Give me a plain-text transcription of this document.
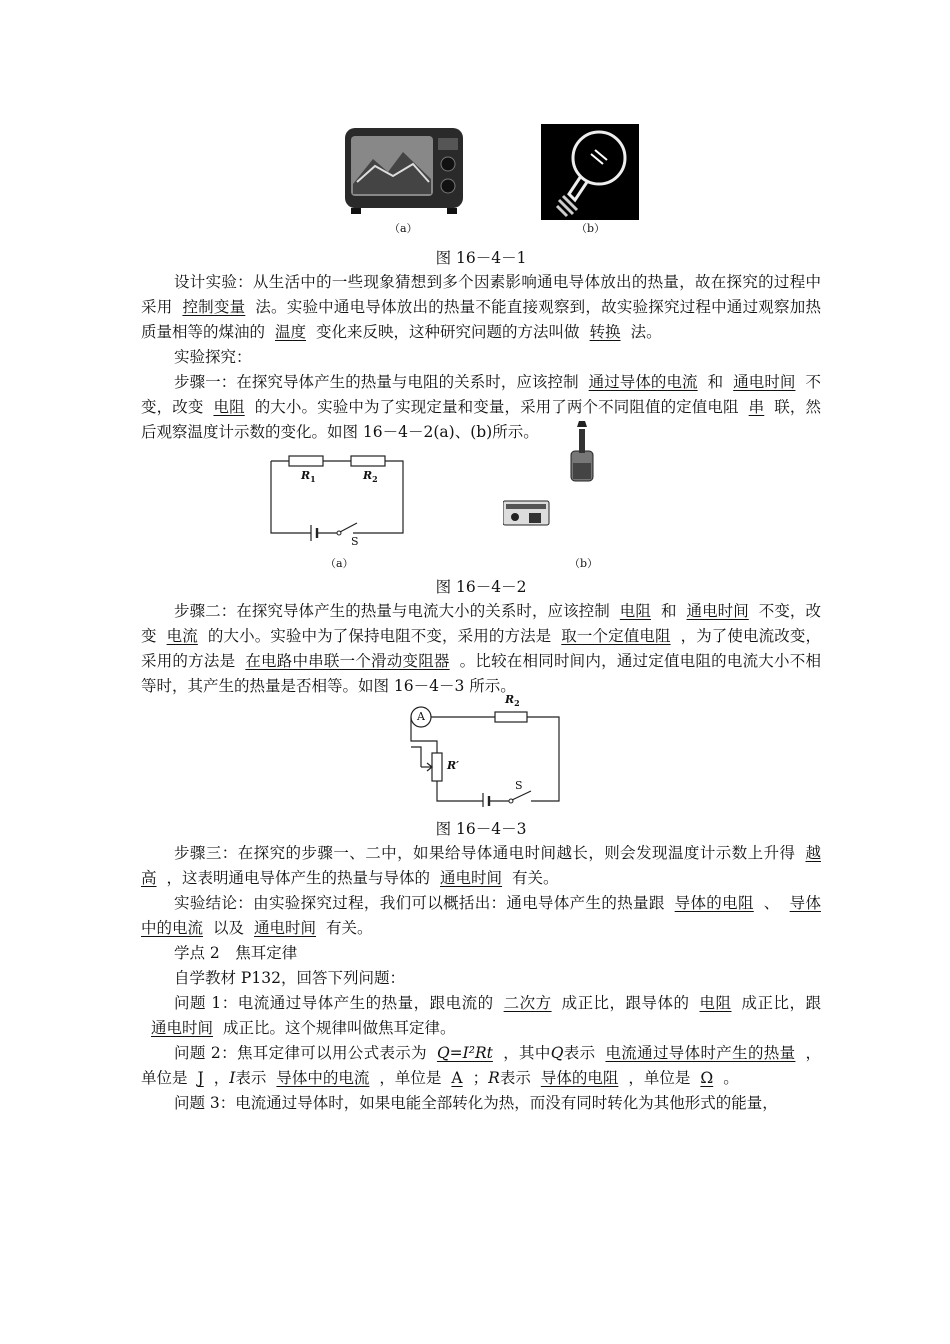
（a）	（b）

图 16－4－1

设计实验：从生活中的一些现象猜想到多个因素影响通电导体放出的热量，故在探究的过程中采用 控制变量 法。实验中通电导体放出的热量不能直接观察到，故实验探究过程中通过观察加热质量相等的煤油的 温度 变化来反映，这种研究问题的方法叫做 转换 法。

实验探究：

步骤一：在探究导体产生的热量与电阻的关系时，应该控制 通过导体的电流 和 通电时间 不变，改变 电阻 的大小。实验中为了实现定量和变量，采用了两个不同阻值的定值电阻 串 联，然后观察温度计示数的变化。如图 16－4－2(a)、(b)所示。

$R_1$	$R_2$
S
（a）	（b）

图 16－4－2

步骤二：在探究导体产生的热量与电流大小的关系时，应该控制 电阻 和 通电时间 不变，改变 电流 的大小。实验中为了保持电阻不变，采用的方法是 取一个定值电阻 ，为了使电流改变，采用的方法是 在电路中串联一个滑动变阻器 。比较在相同时间内，通过定值电阻的电流大小不相等时，其产生的热量是否相等。如图 16－4－3 所示。

A
$R_2$
R′
S

图 16－4－3

步骤三：在探究的步骤一、二中，如果给导体通电时间越长，则会发现温度计示数上升得 越高 ，这表明通电导体产生的热量与导体的 通电时间 有关。

实验结论：由实验探究过程，我们可以概括出：通电导体产生的热量跟 导体的电阻 、 导体中的电流 以及 通电时间 有关。

学点 2　焦耳定律

自学教材 P132，回答下列问题：

问题 1：电流通过导体产生的热量，跟电流的 二次方 成正比，跟导体的 电阻 成正比，跟通电时间 成正比。这个规律叫做焦耳定律。

问题 2：焦耳定律可以用公式表示为 Q=I²Rt ，其中Q表示 电流通过导体时产生的热量 ，单位是 J ，I表示 导体中的电流 ，单位是 A ；R表示 导体的电阻 ，单位是 Ω 。

问题 3：电流通过导体时，如果电能全部转化为热，而没有同时转化为其他形式的能量，
